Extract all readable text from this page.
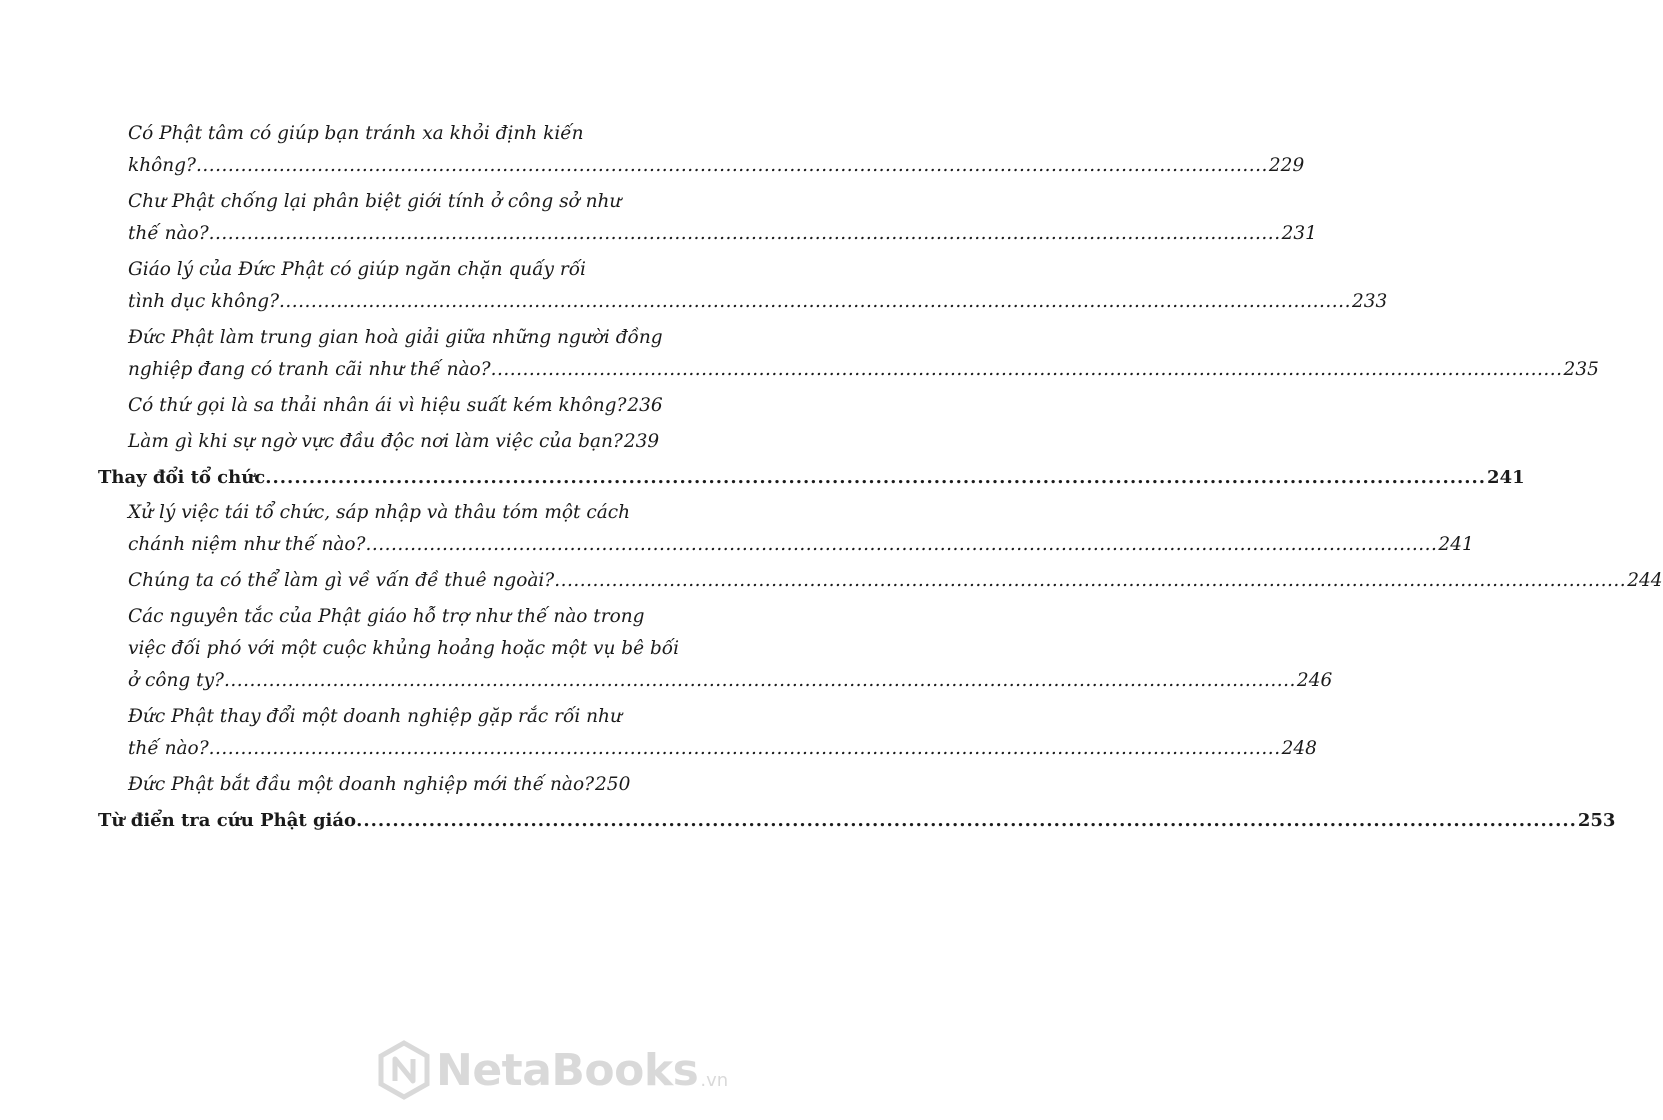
Có Phật tâm có giúp bạn tránh xa khỏi định kiến
không? .....	229
Chư Phật chống lại phân biệt giới tính ở công sở như
thế nào? .....	231
Giáo lý của Đức Phật có giúp ngăn chặn quấy rối
tình dục không? .....	233
Đức Phật làm trung gian hoà giải giữa những người đồng
nghiệp đang có tranh cãi như thế nào? .....	235
Có thứ gọi là sa thải nhân ái vì hiệu suất kém không? 236
Làm gì khi sự ngờ vực đầu độc nơi làm việc của bạn? 239
Thay đổi tổ chức .....	241
Xử lý việc tái tổ chức, sáp nhập và thâu tóm một cách
chánh niệm như thế nào? .....	241
Chúng ta có thể làm gì về vấn đề thuê ngoài? .....	244
Các nguyên tắc của Phật giáo hỗ trợ như thế nào trong
việc đối phó với một cuộc khủng hoảng hoặc một vụ bê bối
ở công ty? .....	246
Đức Phật thay đổi một doanh nghiệp gặp rắc rối như
thế nào? .....	248
Đức Phật bắt đầu một doanh nghiệp mới thế nào? 250
Từ điển tra cứu Phật giáo .....	253
NetaBooks .vn
